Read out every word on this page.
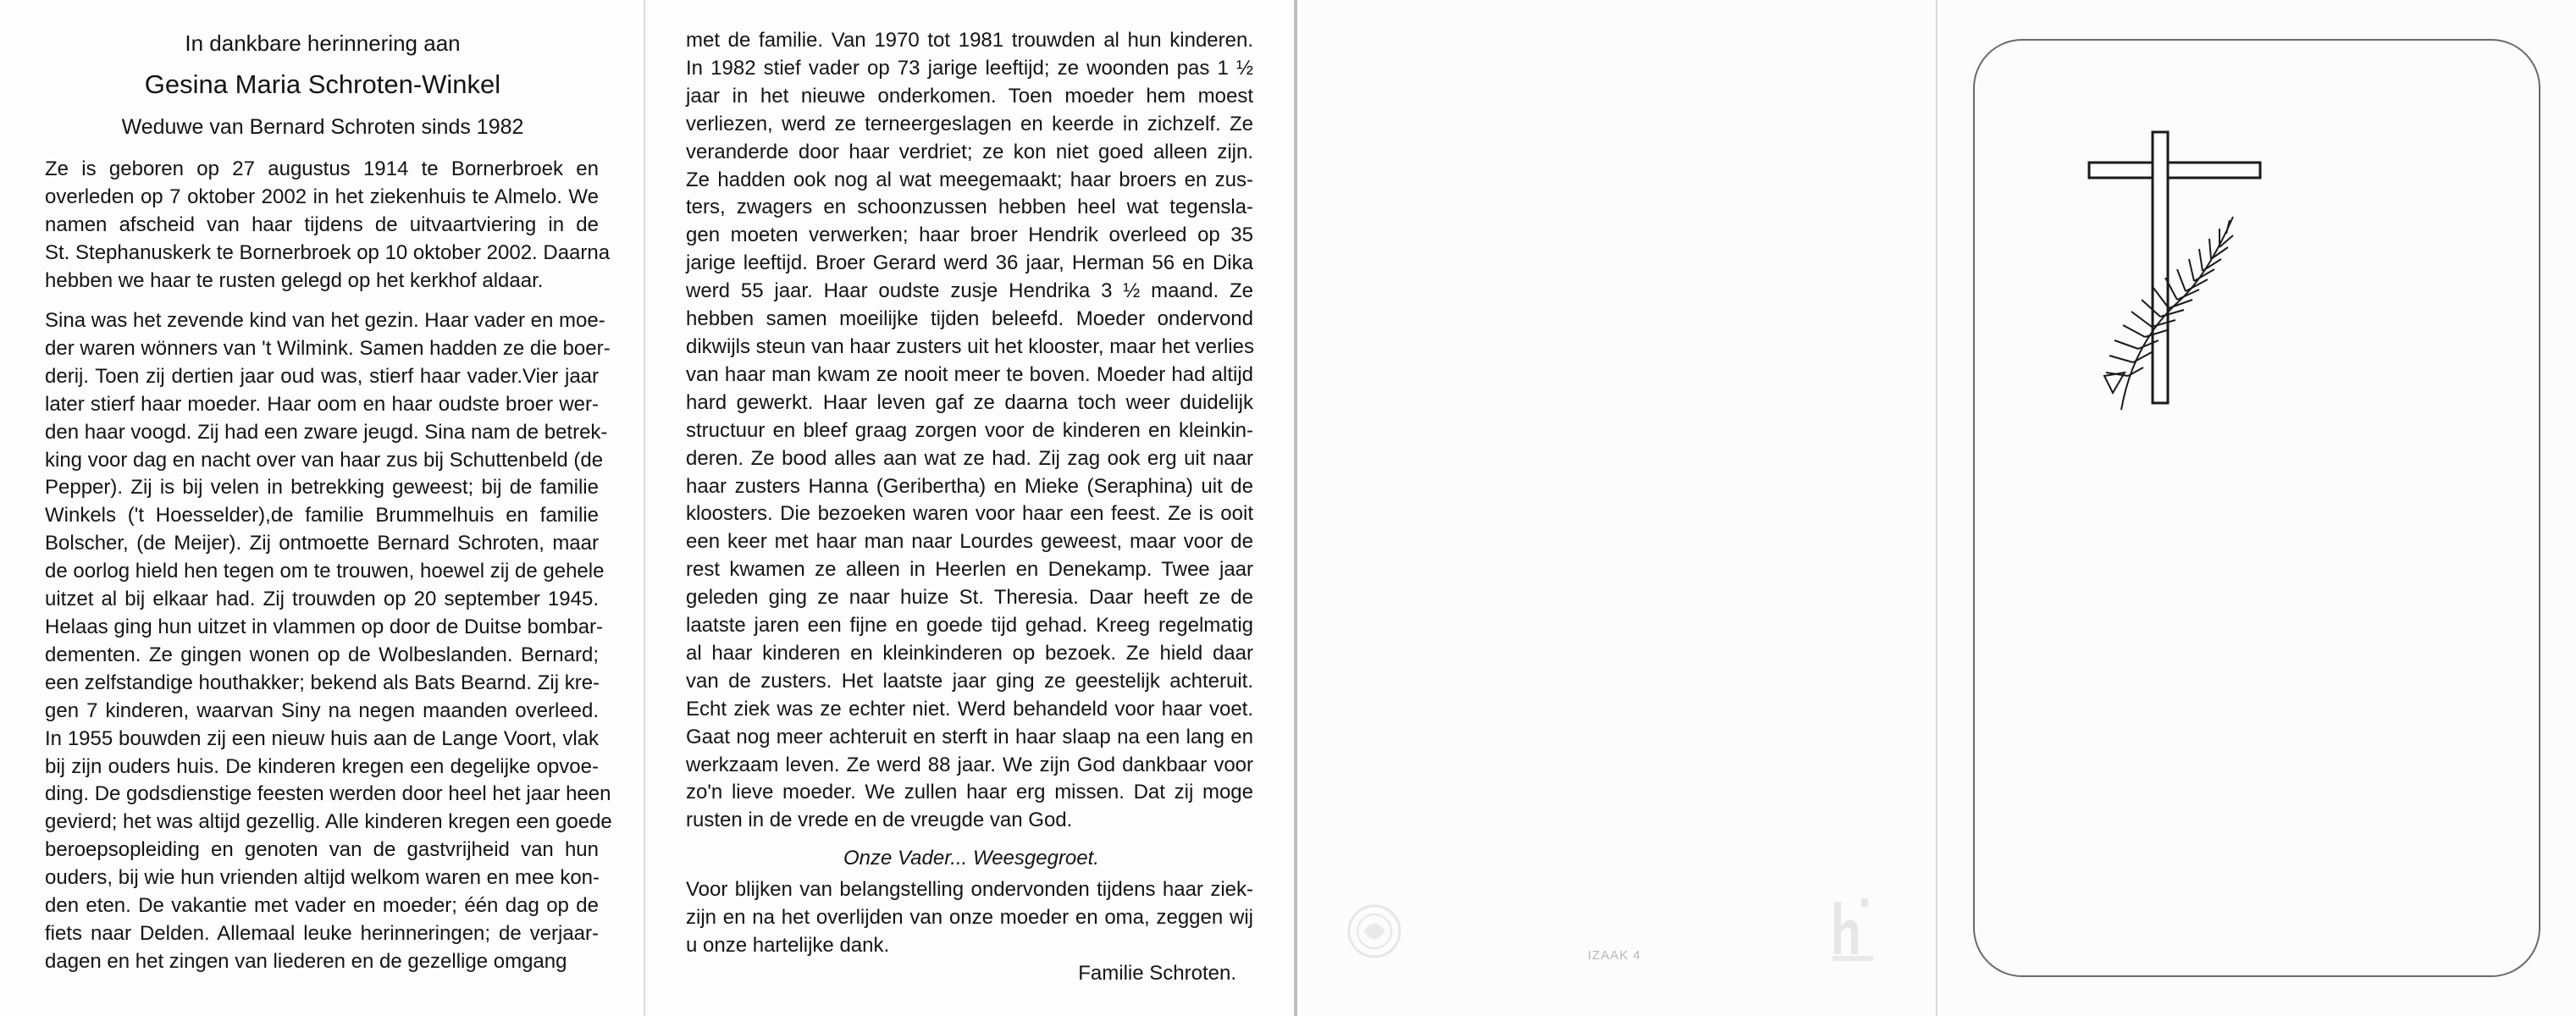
In dankbare herinnering aan
Gesina Maria Schroten-Winkel
Weduwe van Bernard Schroten sinds 1982
Ze is geboren op 27 augustus 1914 te Bornerbroek en
overleden op 7 oktober 2002 in het ziekenhuis te Almelo. We
namen afscheid van haar tijdens de uitvaartviering in de
St. Stephanuskerk te Bornerbroek op 10 oktober 2002. Daarna
hebben we haar te rusten gelegd op het kerkhof aldaar.
Sina was het zevende kind van het gezin. Haar vader en moe-
der waren wönners van 't Wilmink. Samen hadden ze die boer-
derij. Toen zij dertien jaar oud was, stierf haar vader.Vier jaar
later stierf haar moeder. Haar oom en haar oudste broer wer-
den haar voogd. Zij had een zware jeugd. Sina nam de betrek-
king voor dag en nacht over van haar zus bij Schuttenbeld (de
Pepper). Zij is bij velen in betrekking geweest; bij de familie
Winkels ('t Hoesselder),de familie Brummelhuis en familie
Bolscher, (de Meijer). Zij ontmoette Bernard Schroten, maar
de oorlog hield hen tegen om te trouwen, hoewel zij de gehele
uitzet al bij elkaar had. Zij trouwden op 20 september 1945.
Helaas ging hun uitzet in vlammen op door de Duitse bombar-
dementen. Ze gingen wonen op de Wolbeslanden. Bernard;
een zelfstandige houthakker; bekend als Bats Bearnd. Zij kre-
gen 7 kinderen, waarvan Siny na negen maanden overleed.
In 1955 bouwden zij een nieuw huis aan de Lange Voort, vlak
bij zijn ouders huis. De kinderen kregen een degelijke opvoe-
ding. De godsdienstige feesten werden door heel het jaar heen
gevierd; het was altijd gezellig. Alle kinderen kregen een goede
beroepsopleiding en genoten van de gastvrijheid van hun
ouders, bij wie hun vrienden altijd welkom waren en mee kon-
den eten. De vakantie met vader en moeder; één dag op de
fiets naar Delden. Allemaal leuke herinneringen; de verjaar-
dagen en het zingen van liederen en de gezellige omgang
met de familie. Van 1970 tot 1981 trouwden al hun kinderen.
In 1982 stief vader op 73 jarige leeftijd; ze woonden pas 1 ½
jaar in het nieuwe onderkomen. Toen moeder hem moest
verliezen, werd ze terneergeslagen en keerde in zichzelf. Ze
veranderde door haar verdriet; ze kon niet goed alleen zijn.
Ze hadden ook nog al wat meegemaakt; haar broers en zus-
ters, zwagers en schoonzussen hebben heel wat tegensla-
gen moeten verwerken; haar broer Hendrik overleed op 35
jarige leeftijd. Broer Gerard werd 36 jaar, Herman 56 en Dika
werd 55 jaar. Haar oudste zusje Hendrika 3 ½ maand. Ze
hebben samen moeilijke tijden beleefd. Moeder ondervond
dikwijls steun van haar zusters uit het klooster, maar het verlies
van haar man kwam ze nooit meer te boven. Moeder had altijd
hard gewerkt. Haar leven gaf ze daarna toch weer duidelijk
structuur en bleef graag zorgen voor de kinderen en kleinkin-
deren. Ze bood alles aan wat ze had. Zij zag ook erg uit naar
haar zusters Hanna (Geribertha) en Mieke (Seraphina) uit de
kloosters. Die bezoeken waren voor haar een feest. Ze is ooit
een keer met haar man naar Lourdes geweest, maar voor de
rest kwamen ze alleen in Heerlen en Denekamp. Twee jaar
geleden ging ze naar huize St. Theresia. Daar heeft ze de
laatste jaren een fijne en goede tijd gehad. Kreeg regelmatig
al haar kinderen en kleinkinderen op bezoek. Ze hield daar
van de zusters. Het laatste jaar ging ze geestelijk achteruit.
Echt ziek was ze echter niet. Werd behandeld voor haar voet.
Gaat nog meer achteruit en sterft in haar slaap na een lang en
werkzaam leven. Ze werd 88 jaar. We zijn God dankbaar voor
zo'n lieve moeder. We zullen haar erg missen. Dat zij moge
rusten in de vrede en de vreugde van God.
Onze Vader... Weesgegroet.
Voor blijken van belangstelling ondervonden tijdens haar ziek-
zijn en na het overlijden van onze moeder en oma, zeggen wij
u onze hartelijke dank.
Familie Schroten.
IZAAK 4
